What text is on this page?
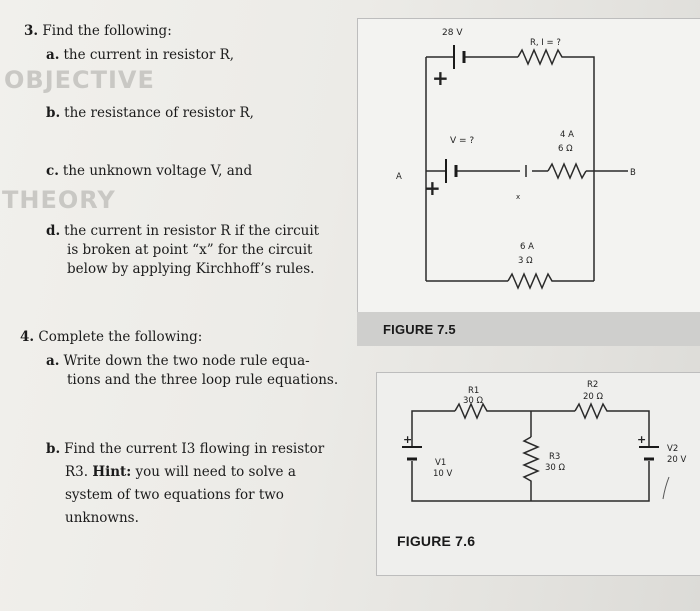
OBJECTIVE
THEORY
3. Find the following:
a. the current in resistor R,
b. the resistance of resistor R,
c. the unknown voltage V, and
d. the current in resistor R if the circuit
is broken at point “x” for the circuit
below by applying Kirchhoff’s rules.
4. Complete the following:
a. Write down the two node rule equa-
tions and the three loop rule equations.
b. Find the current I3 flowing in resistor
R3. Hint: you will need to solve a
system of two equations for two
unknowns.
28 V
+
R, I = ?
V = ?
+
4 A
6 Ω
A	B
x
6 A
3 Ω
FIGURE 7.5
R1
30 Ω
R2
20 Ω
R3
30 Ω
V1
10 V
V2
20 V
+	+
FIGURE 7.6
